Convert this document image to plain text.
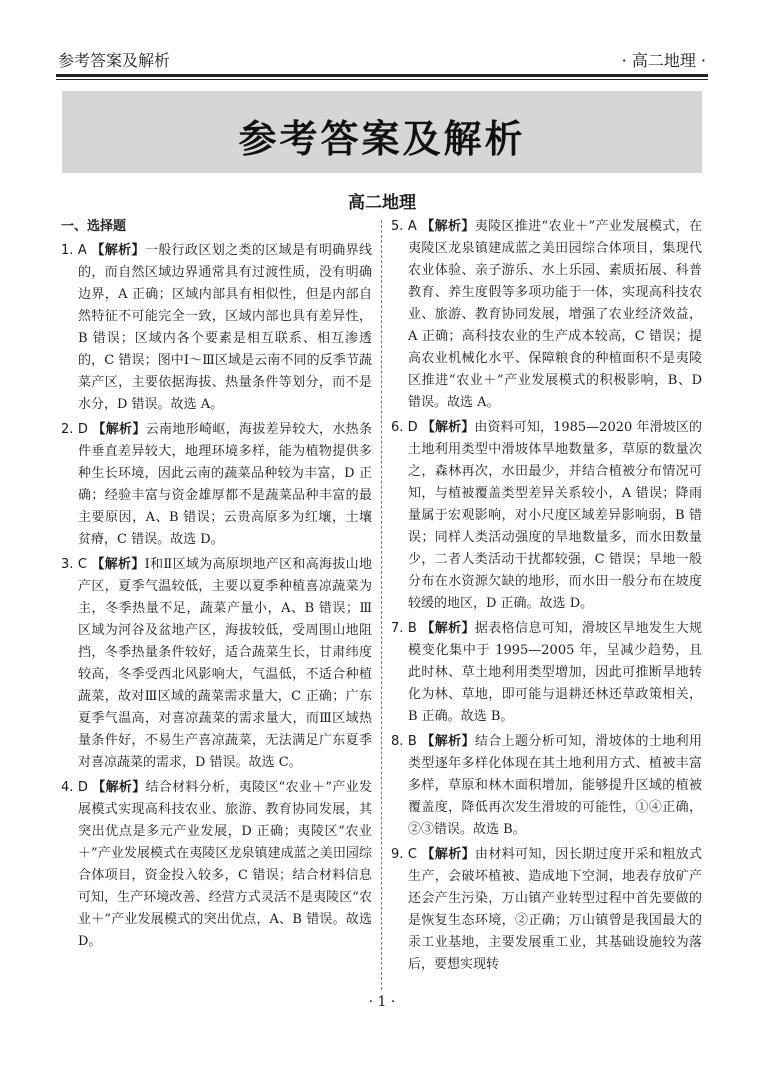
参考答案及解析	· 高二地理 ·
参考答案及解析
高二地理
一、选择题

1. A 【解析】一般行政区划之类的区域是有明确界线的，而自然区域边界通常具有过渡性质，没有明确边界，A 正确；区域内部具有相似性，但是内部自然特征不可能完全一致，区域内部也具有差异性，B 错误；区域内各个要素是相互联系、相互渗透的，C 错误；图中Ⅰ～Ⅲ区域是云南不同的反季节蔬菜产区，主要依据海拔、热量条件等划分，而不是水分，D 错误。故选 A。

2. D 【解析】云南地形崎岖，海拔差异较大，水热条件垂直差异较大，地理环境多样，能为植物提供多种生长环境，因此云南的蔬菜品种较为丰富，D 正确；经验丰富与资金雄厚都不是蔬菜品种丰富的最主要原因，A、B 错误；云贵高原多为红壤，土壤贫瘠，C 错误。故选 D。

3. C 【解析】Ⅰ和Ⅱ区域为高原坝地产区和高海拔山地产区，夏季气温较低，主要以夏季种植喜凉蔬菜为主，冬季热量不足，蔬菜产量小，A、B 错误；Ⅲ区域为河谷及盆地产区，海拔较低，受周围山地阻挡，冬季热量条件较好，适合蔬菜生长，甘肃纬度较高，冬季受西北风影响大，气温低，不适合种植蔬菜，故对Ⅲ区域的蔬菜需求量大，C 正确；广东夏季气温高，对喜凉蔬菜的需求量大，而Ⅲ区域热量条件好，不易生产喜凉蔬菜，无法满足广东夏季对喜凉蔬菜的需求，D 错误。故选 C。

4. D 【解析】结合材料分析，夷陵区“农业＋”产业发展模式实现高科技农业、旅游、教育协同发展，其突出优点是多元产业发展，D 正确；夷陵区“农业＋”产业发展模式在夷陵区龙泉镇建成蓝之美田园综合体项目，资金投入较多，C 错误；结合材料信息可知，生产环境改善、经营方式灵活不是夷陵区“农业＋”产业发展模式的突出优点，A、B 错误。故选 D。

5. A 【解析】夷陵区推进“农业＋”产业发展模式，在夷陵区龙泉镇建成蓝之美田园综合体项目，集现代农业体验、亲子游乐、水上乐园、素质拓展、科普教育、养生度假等多项功能于一体，实现高科技农业、旅游、教育协同发展，增强了农业经济效益，A 正确；高科技农业的生产成本较高，C 错误；提高农业机械化水平、保障粮食的种植面积不是夷陵区推进“农业＋”产业发展模式的积极影响，B、D 错误。故选 A。

6. D 【解析】由资料可知，1985—2020 年滑坡区的土地利用类型中滑坡体旱地数量多，草原的数量次之，森林再次，水田最少，并结合植被分布情况可知，与植被覆盖类型差异关系较小，A 错误；降雨量属于宏观影响，对小尺度区域差异影响弱，B 错误；同样人类活动强度的旱地数量多，而水田数量少，二者人类活动干扰都较强，C 错误；旱地一般分布在水资源欠缺的地形，而水田一般分布在坡度较缓的地区，D 正确。故选 D。

7. B 【解析】据表格信息可知，滑坡区旱地发生大规模变化集中于 1995—2005 年，呈减少趋势，且此时林、草土地利用类型增加，因此可推断旱地转化为林、草地，即可能与退耕还林还草政策相关，B 正确。故选 B。

8. B 【解析】结合上题分析可知，滑坡体的土地利用类型逐年多样化体现在其土地利用方式、植被丰富多样，草原和林木面积增加，能够提升区域的植被覆盖度，降低再次发生滑坡的可能性，①④正确，②③错误。故选 B。

9. C 【解析】由材料可知，因长期过度开采和粗放式生产，会破坏植被、造成地下空洞，地表存放矿产还会产生污染，万山镇产业转型过程中首先要做的是恢复生态环境，②正确；万山镇曾是我国最大的汞工业基地，主要发展重工业，其基础设施较为落后，要想实现转

· 1 ·
